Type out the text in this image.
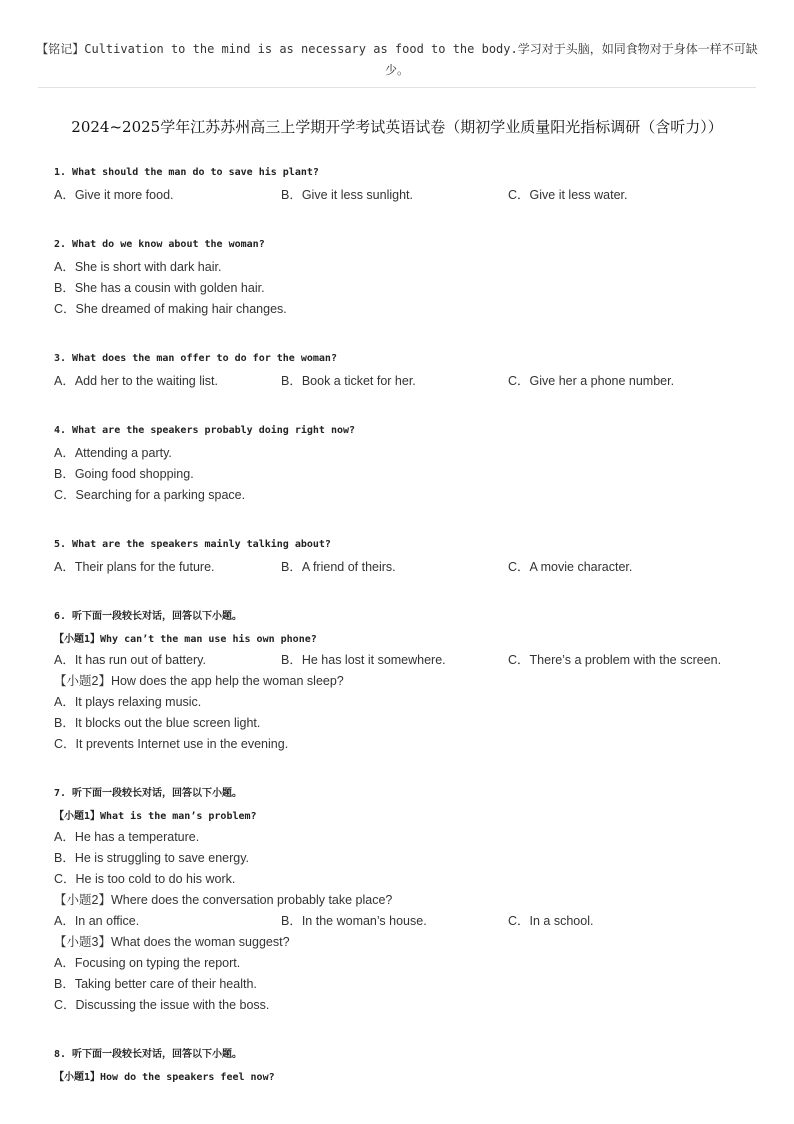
【铭记】Cultivation to the mind is as necessary as food to the body.学习对于头脑，如同食物对于身体一样不可缺少。
2024~2025学年江苏苏州高三上学期开学考试英语试卷（期初学业质量阳光指标调研（含听力））
1. What should the man do to save his plant?
A．Give it more food.	B．Give it less sunlight.	C．Give it less water.
2. What do we know about the woman?
A．She is short with dark hair.
B．She has a cousin with golden hair.
C．She dreamed of making hair changes.
3. What does the man offer to do for the woman?
A．Add her to the waiting list.	B．Book a ticket for her.	C．Give her a phone number.
4. What are the speakers probably doing right now?
A．Attending a party.
B．Going food shopping.
C．Searching for a parking space.
5. What are the speakers mainly talking about?
A．Their plans for the future.	B．A friend of theirs.	C．A movie character.
6. 听下面一段较长对话，回答以下小题。
【小题1】Why can’t the man use his own phone?
A．It has run out of battery.	B．He has lost it somewhere.	C．There’s a problem with the screen.
【小题2】How does the app help the woman sleep?
A．It plays relaxing music.
B．It blocks out the blue screen light.
C．It prevents Internet use in the evening.
7. 听下面一段较长对话，回答以下小题。
【小题1】What is the man’s problem?
A．He has a temperature.
B．He is struggling to save energy.
C．He is too cold to do his work.
【小题2】Where does the conversation probably take place?
A．In an office.	B．In the woman’s house.	C．In a school.
【小题3】What does the woman suggest?
A．Focusing on typing the report.
B．Taking better care of their health.
C．Discussing the issue with the boss.
8. 听下面一段较长对话，回答以下小题。
【小题1】How do the speakers feel now?
